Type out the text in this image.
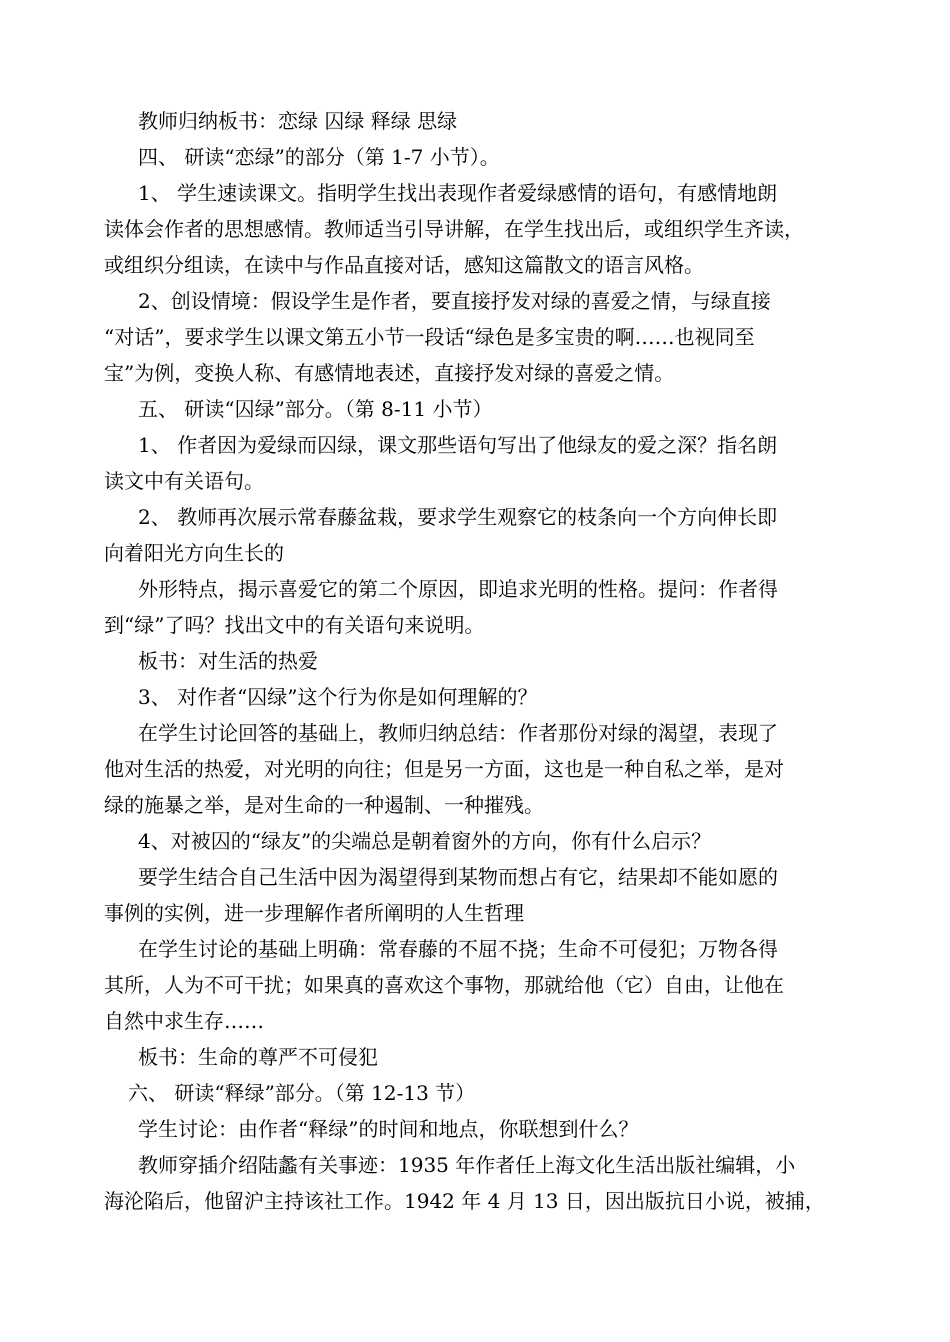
教师归纳板书：恋绿 囚绿 释绿 思绿
四、 研读“恋绿”的部分（第 1-7 小节）。
1、 学生速读课文。指明学生找出表现作者爱绿感情的语句，有感情地朗
读体会作者的思想感情。教师适当引导讲解，在学生找出后，或组织学生齐读，
或组织分组读，在读中与作品直接对话，感知这篇散文的语言风格。
2、创设情境：假设学生是作者，要直接抒发对绿的喜爱之情，与绿直接
“对话”，要求学生以课文第五小节一段话“绿色是多宝贵的啊……也视同至
宝”为例，变换人称、有感情地表述，直接抒发对绿的喜爱之情。
五、 研读“囚绿”部分。（第 8-11 小节）
1、 作者因为爱绿而囚绿，课文那些语句写出了他绿友的爱之深？指名朗
读文中有关语句。
2、 教师再次展示常春藤盆栽，要求学生观察它的枝条向一个方向伸长即
向着阳光方向生长的
外形特点，揭示喜爱它的第二个原因，即追求光明的性格。提问：作者得
到“绿”了吗？找出文中的有关语句来说明。
板书：对生活的热爱
3、 对作者“囚绿”这个行为你是如何理解的？
在学生讨论回答的基础上，教师归纳总结：作者那份对绿的渴望，表现了
他对生活的热爱，对光明的向往；但是另一方面，这也是一种自私之举，是对
绿的施暴之举，是对生命的一种遏制、一种摧残。
4、对被囚的“绿友”的尖端总是朝着窗外的方向，你有什么启示？
要学生结合自己生活中因为渴望得到某物而想占有它，结果却不能如愿的
事例的实例，进一步理解作者所阐明的人生哲理
在学生讨论的基础上明确：常春藤的不屈不挠；生命不可侵犯；万物各得
其所，人为不可干扰；如果真的喜欢这个事物，那就给他（它）自由，让他在
自然中求生存……
板书：生命的尊严不可侵犯
六、 研读“释绿”部分。（第 12-13 节）
学生讨论：由作者“释绿”的时间和地点，你联想到什么？
教师穿插介绍陆蠡有关事迹：1935 年作者任上海文化生活出版社编辑，小
海沦陷后，他留沪主持该社工作。1942 年 4 月 13 日，因出版抗日小说，被捕，
